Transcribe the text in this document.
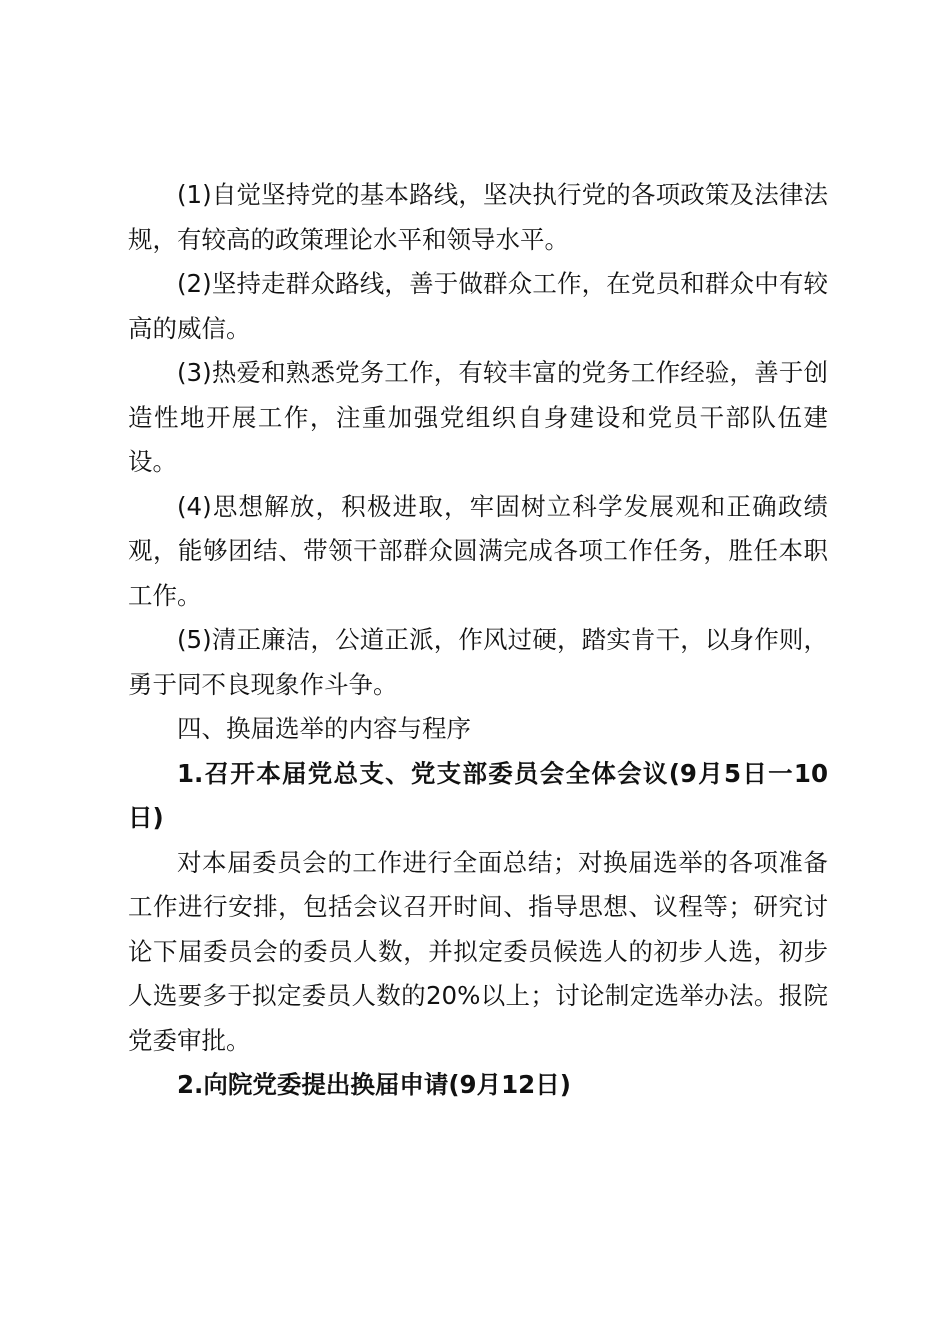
(1)自觉坚持党的基本路线，坚决执行党的各项政策及法律法规，有较高的政策理论水平和领导水平。

(2)坚持走群众路线，善于做群众工作，在党员和群众中有较高的威信。

(3)热爱和熟悉党务工作，有较丰富的党务工作经验，善于创造性地开展工作，注重加强党组织自身建设和党员干部队伍建设。

(4)思想解放，积极进取，牢固树立科学发展观和正确政绩观，能够团结、带领干部群众圆满完成各项工作任务，胜任本职工作。

(5)清正廉洁，公道正派，作风过硬，踏实肯干，以身作则，勇于同不良现象作斗争。

四、换届选举的内容与程序

1.召开本届党总支、党支部委员会全体会议(9月5日一10日)

对本届委员会的工作进行全面总结；对换届选举的各项准备工作进行安排，包括会议召开时间、指导思想、议程等；研究讨论下届委员会的委员人数，并拟定委员候选人的初步人选，初步人选要多于拟定委员人数的20%以上；讨论制定选举办法。报院党委审批。

2.向院党委提出换届申请(9月12日)
